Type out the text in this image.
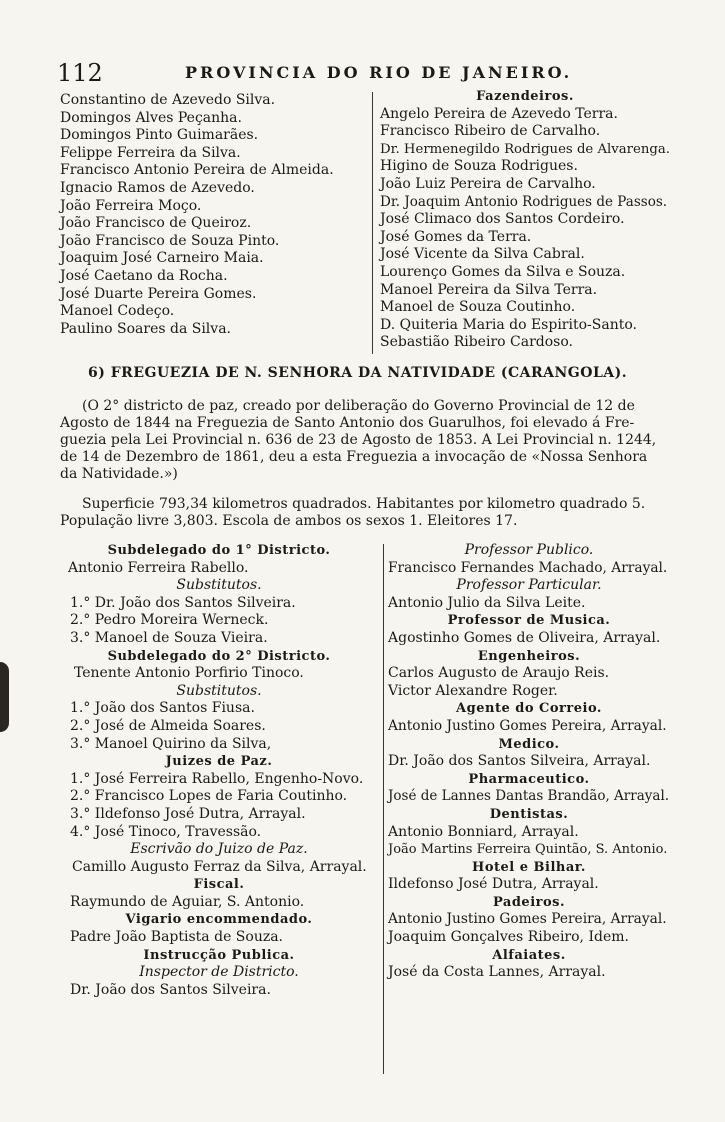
112	PROVINCIA DO RIO DE JANEIRO.
Constantino de Azevedo Silva.
Domingos Alves Peçanha.
Domingos Pinto Guimarães.
Felippe Ferreira da Silva.
Francisco Antonio Pereira de Almeida.
Ignacio Ramos de Azevedo.
João Ferreira Moço.
João Francisco de Queiroz.
João Francisco de Souza Pinto.
Joaquim José Carneiro Maia.
José Caetano da Rocha.
José Duarte Pereira Gomes.
Manoel Codeço.
Paulino Soares da Silva.
Fazendeiros.
Angelo Pereira de Azevedo Terra.
Francisco Ribeiro de Carvalho.
Dr. Hermenegildo Rodrigues de Alvarenga.
Higino de Souza Rodrigues.
João Luiz Pereira de Carvalho.
Dr. Joaquim Antonio Rodrigues de Passos.
José Climaco dos Santos Cordeiro.
José Gomes da Terra.
José Vicente da Silva Cabral.
Lourenço Gomes da Silva e Souza.
Manoel Pereira da Silva Terra.
Manoel de Souza Coutinho.
D. Quiteria Maria do Espirito-Santo.
Sebastião Ribeiro Cardoso.
6) FREGUEZIA DE N. SENHORA DA NATIVIDADE (CARANGOLA).
(O 2° districto de paz, creado por deliberação do Governo Provincial de 12 de
Agosto de 1844 na Freguezia de Santo Antonio dos Guarulhos, foi elevado á Fre-
guezia pela Lei Provincial n. 636 de 23 de Agosto de 1853. A Lei Provincial n. 1244,
de 14 de Dezembro de 1861, deu a esta Freguezia a invocação de «Nossa Senhora
da Natividade.»)
Superficie 793,34 kilometros quadrados. Habitantes por kilometro quadrado 5.
População livre 3,803. Escola de ambos os sexos 1. Eleitores 17.
Subdelegado do 1° Districto.
Antonio Ferreira Rabello.
Substitutos.
1.° Dr. João dos Santos Silveira.
2.° Pedro Moreira Werneck.
3.° Manoel de Souza Vieira.
Subdelegado do 2° Districto.
Tenente Antonio Porfirio Tinoco.
Substitutos.
1.° João dos Santos Fiusa.
2.° José de Almeida Soares.
3.° Manoel Quirino da Silva,
Juizes de Paz.
1.° José Ferreira Rabello, Engenho-Novo.
2.° Francisco Lopes de Faria Coutinho.
3.° Ildefonso José Dutra, Arrayal.
4.° José Tinoco, Travessão.
Escrivão do Juizo de Paz.
Camillo Augusto Ferraz da Silva, Arrayal.
Fiscal.
Raymundo de Aguiar, S. Antonio.
Vigario encommendado.
Padre João Baptista de Souza.
Instrucção Publica.
Inspector de Districto.
Dr. João dos Santos Silveira.
Professor Publico.
Francisco Fernandes Machado, Arrayal.
Professor Particular.
Antonio Julio da Silva Leite.
Professor de Musica.
Agostinho Gomes de Oliveira, Arrayal.
Engenheiros.
Carlos Augusto de Araujo Reis.
Victor Alexandre Roger.
Agente do Correio.
Antonio Justino Gomes Pereira, Arrayal.
Medico.
Dr. João dos Santos Silveira, Arrayal.
Pharmaceutico.
José de Lannes Dantas Brandão, Arrayal.
Dentistas.
Antonio Bonniard, Arrayal.
João Martins Ferreira Quintão, S. Antonio.
Hotel e Bilhar.
Ildefonso José Dutra, Arrayal.
Padeiros.
Antonio Justino Gomes Pereira, Arrayal.
Joaquim Gonçalves Ribeiro, Idem.
Alfaiates.
José da Costa Lannes, Arrayal.
